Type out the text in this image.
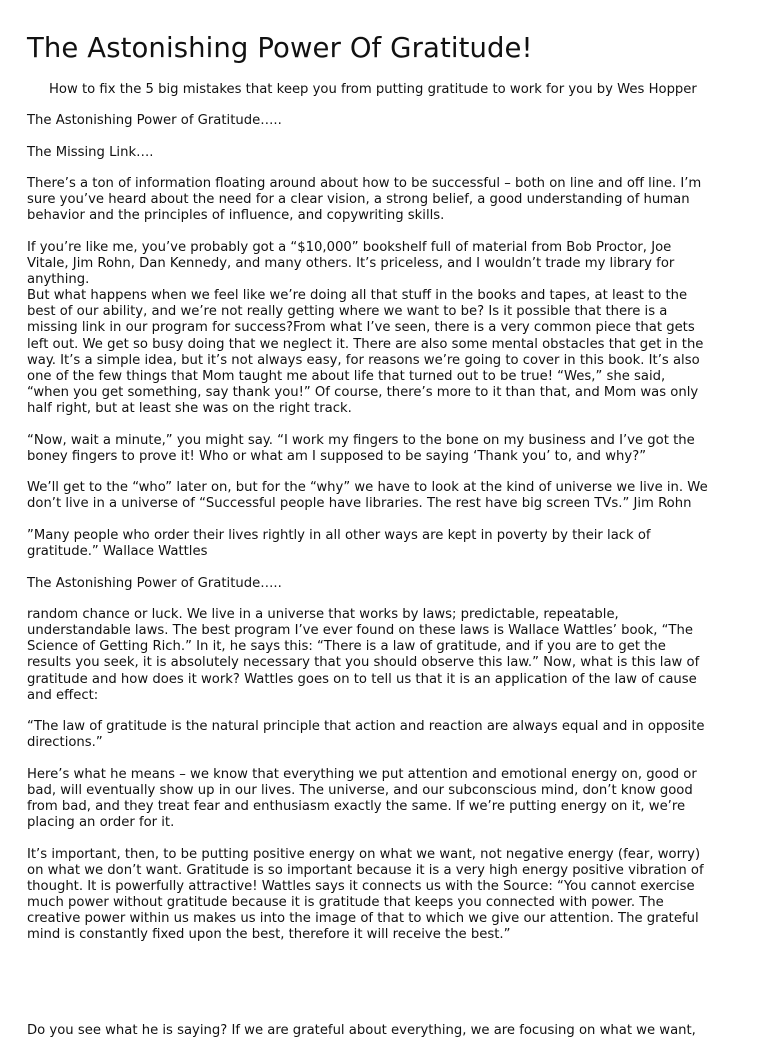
The Astonishing Power Of Gratitude!

How to fix the 5 big mistakes that keep you from putting gratitude to work for you by Wes Hopper

The Astonishing Power of Gratitude…..

The Missing Link….

There’s a ton of information floating around about how to be successful – both on line and off line. I’m
sure you’ve heard about the need for a clear vision, a strong belief, a good understanding of human
behavior and the principles of influence, and copywriting skills.

If you’re like me, you’ve probably got a “$10,000” bookshelf full of material from Bob Proctor, Joe
Vitale, Jim Rohn, Dan Kennedy, and many others. It’s priceless, and I wouldn’t trade my library for
anything.

But what happens when we feel like we’re doing all that stuff in the books and tapes, at least to the
best of our ability, and we’re not really getting where we want to be? Is it possible that there is a
missing link in our program for success?From what I’ve seen, there is a very common piece that gets
left out. We get so busy doing that we neglect it. There are also some mental obstacles that get in the
way. It’s a simple idea, but it’s not always easy, for reasons we’re going to cover in this book. It’s also
one of the few things that Mom taught me about life that turned out to be true! “Wes,” she said,
“when you get something, say thank you!” Of course, there’s more to it than that, and Mom was only
half right, but at least she was on the right track.

“Now, wait a minute,” you might say. “I work my fingers to the bone on my business and I’ve got the
boney fingers to prove it! Who or what am I supposed to be saying ‘Thank you’ to, and why?”

We’ll get to the “who” later on, but for the “why” we have to look at the kind of universe we live in. We
don’t live in a universe of “Successful people have libraries. The rest have big screen TVs.” Jim Rohn

”Many people who order their lives rightly in all other ways are kept in poverty by their lack of
gratitude.” Wallace Wattles

The Astonishing Power of Gratitude…..

random chance or luck. We live in a universe that works by laws; predictable, repeatable,
understandable laws. The best program I’ve ever found on these laws is Wallace Wattles’ book, “The
Science of Getting Rich.” In it, he says this: “There is a law of gratitude, and if you are to get the
results you seek, it is absolutely necessary that you should observe this law.” Now, what is this law of
gratitude and how does it work? Wattles goes on to tell us that it is an application of the law of cause
and effect:

“The law of gratitude is the natural principle that action and reaction are always equal and in opposite
directions.”

Here’s what he means – we know that everything we put attention and emotional energy on, good or
bad, will eventually show up in our lives. The universe, and our subconscious mind, don’t know good
from bad, and they treat fear and enthusiasm exactly the same. If we’re putting energy on it, we’re
placing an order for it.

It’s important, then, to be putting positive energy on what we want, not negative energy (fear, worry)
on what we don’t want. Gratitude is so important because it is a very high energy positive vibration of
thought. It is powerfully attractive! Wattles says it connects us with the Source: “You cannot exercise
much power without gratitude because it is gratitude that keeps you connected with power. The
creative power within us makes us into the image of that to which we give our attention. The grateful
mind is constantly fixed upon the best, therefore it will receive the best.”

Do you see what he is saying? If we are grateful about everything, we are focusing on what we want,
